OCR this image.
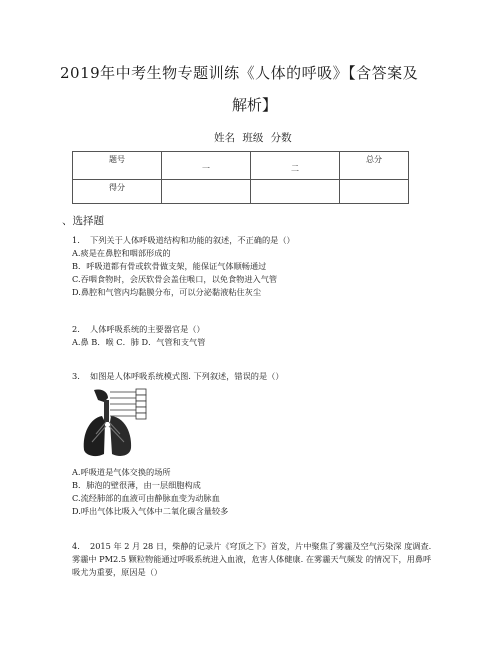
2019年中考生物专题训练《人体的呼吸》【含答案及
解析】
姓名 班级 分数
题号	一	二	总分
得分			
、选择题
1. 下列关于人体呼吸道结构和功能的叙述，不正确的是（）
A.痰是在鼻腔和咽部形成的
B．呼吸道都有骨或软骨做支架，能保证气体顺畅通过
C.吞咽食物时，会厌软骨会盖住喉口，以免食物进入气管
D.鼻腔和气管内均黏膜分布，可以分泌黏液粘住灰尘
2. 人体呼吸系统的主要器官是（）
A.鼻 B．喉 C．肺 D．气管和支气管
3. 如图是人体呼吸系统模式图. 下列叙述，错误的是（）
A.呼吸道是气体交换的场所
B．肺泡的壁很薄，由一层细胞构成
C.流经肺部的血液可由静脉血变为动脉血
D.呼出气体比吸入气体中二氧化碳含量较多
4. 2015 年 2 月 28 日，柴静的记录片《穹顶之下》首发，片中聚焦了雾霾及空气污染深 度调查.
雾霾中 PM2.5 颗粒物能通过呼吸系统进入血液，危害人体健康. 在雾霾天气频发 的情况下，用鼻呼
吸尤为重要，原因是（）
